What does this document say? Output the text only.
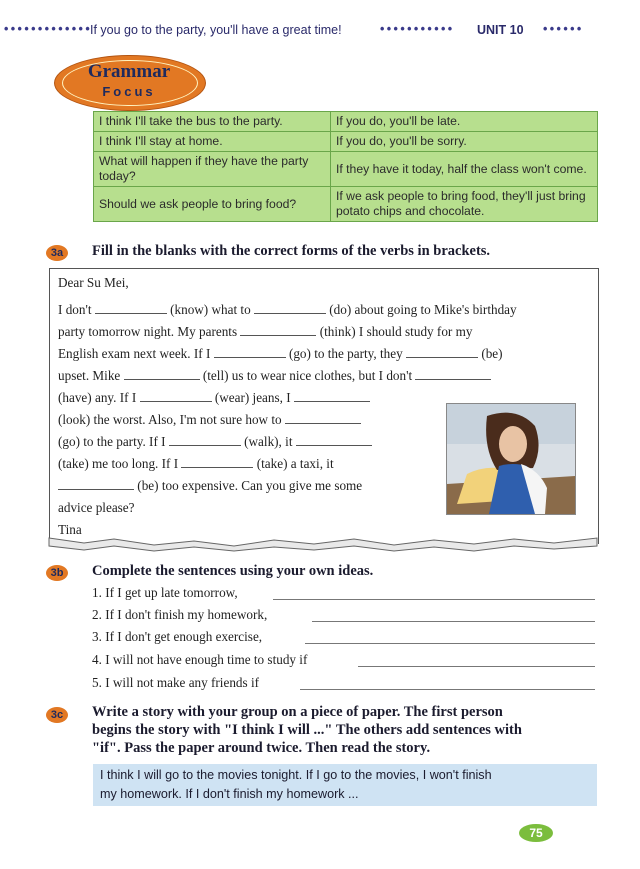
•••••••••••••
If you go to the party, you'll have a great time!	••••••••••• UNIT 10 ••••••
Grammar
Focus
I think I'll take the bus to the party.	If you do, you'll be late.
I think I'll stay at home.	If you do, you'll be sorry.
What will happen if they have the party today?	If they have it today, half the class won't come.
Should we ask people to bring food?	If we ask people to bring food, they'll just bring potato chips and chocolate.
3a	Fill in the blanks with the correct forms of the verbs in brackets.
Dear Su Mei,
I don't	(know) what to	(do) about going to Mike's birthday
party tomorrow night. My parents	(think) I should study for my
English exam next week. If I	(go) to the party, they	(be)
upset. Mike	(tell) us to wear nice clothes, but I don't
(have) any. If I	(wear) jeans, I
(look) the worst. Also, I'm not sure how to
(go) to the party. If I	(walk), it
(take) me too long. If I	(take) a taxi, it
(be) too expensive. Can you give me some
advice please?
Tina
3b	Complete the sentences using your own ideas.
1. If I get up late tomorrow,
2. If I don't finish my homework,
3. If I don't get enough exercise,
4. I will not have enough time to study if
5. I will not make any friends if
3c	Write a story with your group on a piece of paper. The first person
begins the story with "I think I will ..." The others add sentences with
"if". Pass the paper around twice. Then read the story.
I think I will go to the movies tonight. If I go to the movies, I won't finish
my homework. If I don't finish my homework ...
75
